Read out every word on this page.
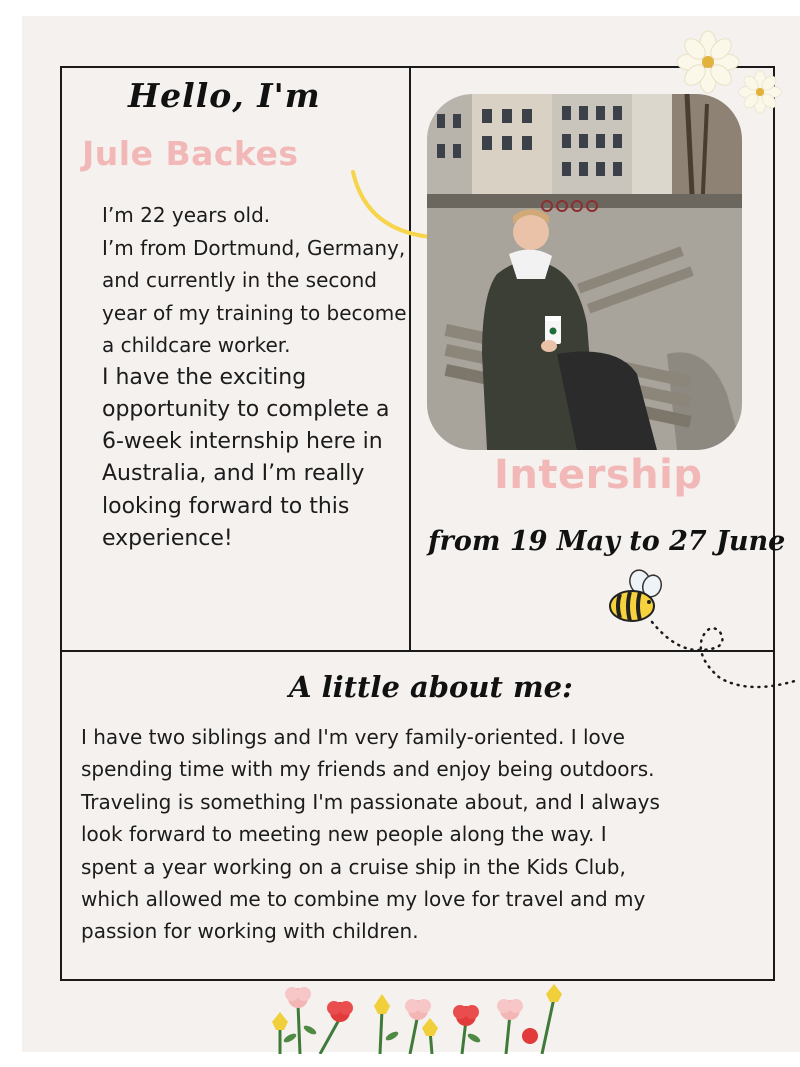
Hello, I'm
Jule Backes

I’m 22 years old.
I’m from Dortmund, Germany, and currently in the second year of my training to become a childcare worker.
I have the exciting opportunity to complete a 6-week internship here in Australia, and I’m really looking forward to this experience!

Intership

from 19 May to 27 June

A little about me:

I have two siblings and I'm very family-oriented. I love
spending time with my friends and enjoy being outdoors.
Traveling is something I'm passionate about, and I always
look forward to meeting new people along the way. I
spent a year working on a cruise ship in the Kids Club,
which allowed me to combine my love for travel and my
passion for working with children.
